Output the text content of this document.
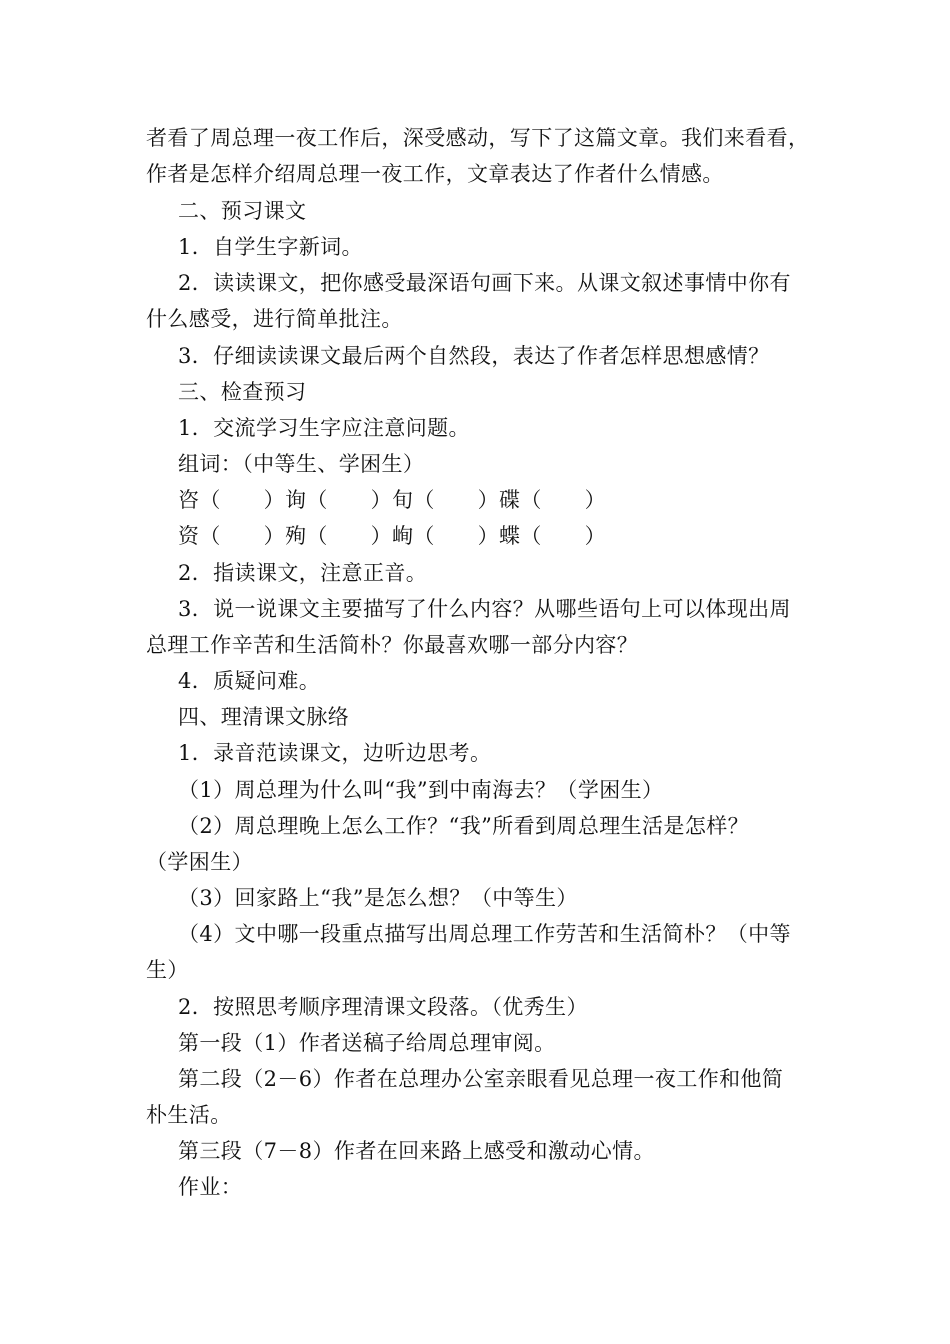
者看了周总理一夜工作后，深受感动，写下了这篇文章。我们来看看，
作者是怎样介绍周总理一夜工作，文章表达了作者什么情感。
二、预习课文
1．自学生字新词。
2．读读课文，把你感受最深语句画下来。从课文叙述事情中你有
什么感受，进行简单批注。
3．仔细读读课文最后两个自然段，表达了作者怎样思想感情？
三、检查预习
1．交流学习生字应注意问题。
组词：（中等生、学困生）
咨（　　）询（　　）旬（　　）碟（　　）
资（　　）殉（　　）峋（　　）蝶（　　）
2．指读课文，注意正音。
3．说一说课文主要描写了什么内容？从哪些语句上可以体现出周
总理工作辛苦和生活简朴？你最喜欢哪一部分内容？
4．质疑问难。
四、理清课文脉络
1．录音范读课文，边听边思考。
（1）周总理为什么叫“我”到中南海去？（学困生）
（2）周总理晚上怎么工作？“我”所看到周总理生活是怎样？
（学困生）
（3）回家路上“我”是怎么想？（中等生）
（4）文中哪一段重点描写出周总理工作劳苦和生活简朴？（中等
生）
2．按照思考顺序理清课文段落。（优秀生）
第一段（1）作者送稿子给周总理审阅。
第二段（2－6）作者在总理办公室亲眼看见总理一夜工作和他简
朴生活。
第三段（7－8）作者在回来路上感受和激动心情。
作业：
